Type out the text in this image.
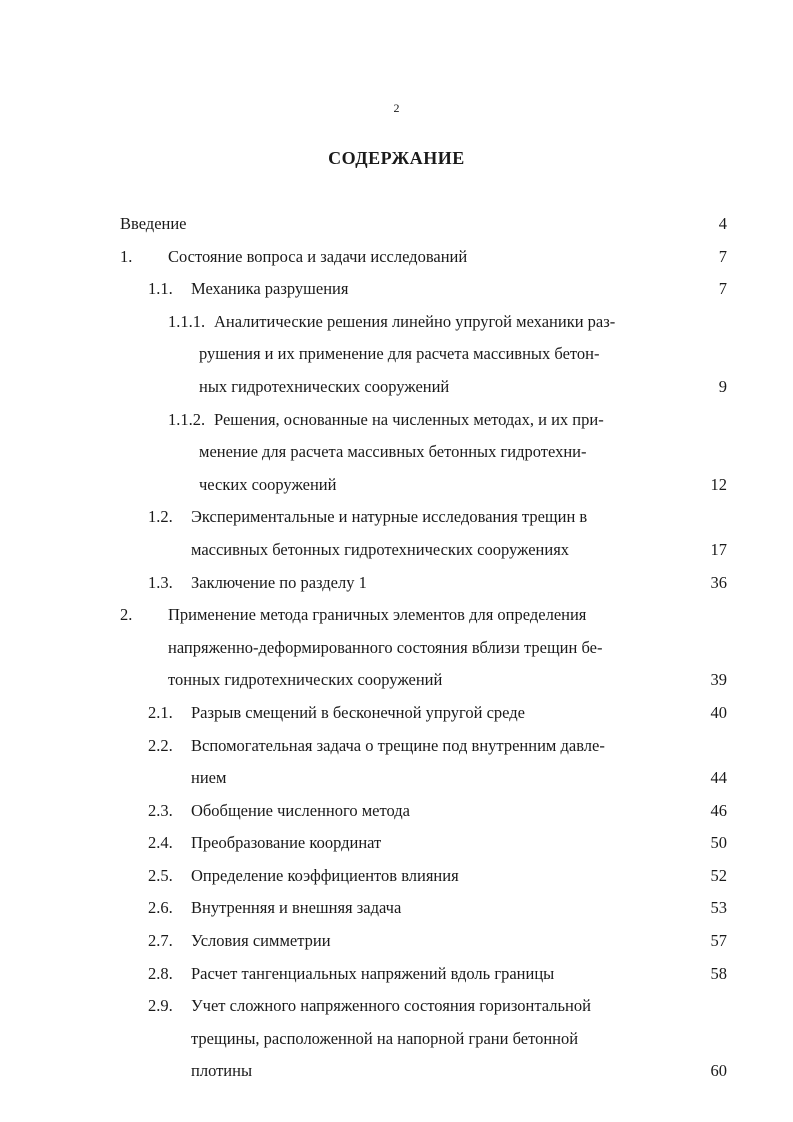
2
СОДЕРЖАНИЕ
Введение	4
1. Состояние вопроса и задачи исследований	7
1.1. Механика разрушения	7
1.1.1. Аналитические решения линейно упругой механики раз-
рушения и их применение для расчета массивных бетон-
ных гидротехнических сооружений	9
1.1.2. Решения, основанные на численных методах, и их при-
менение для расчета массивных бетонных гидротехни-
ческих сооружений	12
1.2. Экспериментальные и натурные исследования трещин в
массивных бетонных гидротехнических сооружениях	17
1.3. Заключение по разделу 1	36
2. Применение метода граничных элементов для определения
напряженно-деформированного состояния вблизи трещин бе-
тонных гидротехнических сооружений	39
2.1. Разрыв смещений в бесконечной упругой среде	40
2.2. Вспомогательная задача о трещине под внутренним давле-
нием	44
2.3. Обобщение численного метода	46
2.4. Преобразование координат	50
2.5. Определение коэффициентов влияния	52
2.6. Внутренняя и внешняя задача	53
2.7. Условия симметрии	57
2.8. Расчет тангенциальных напряжений вдоль границы	58
2.9. Учет сложного напряженного состояния горизонтальной
трещины, расположенной на напорной грани бетонной
плотины	60
